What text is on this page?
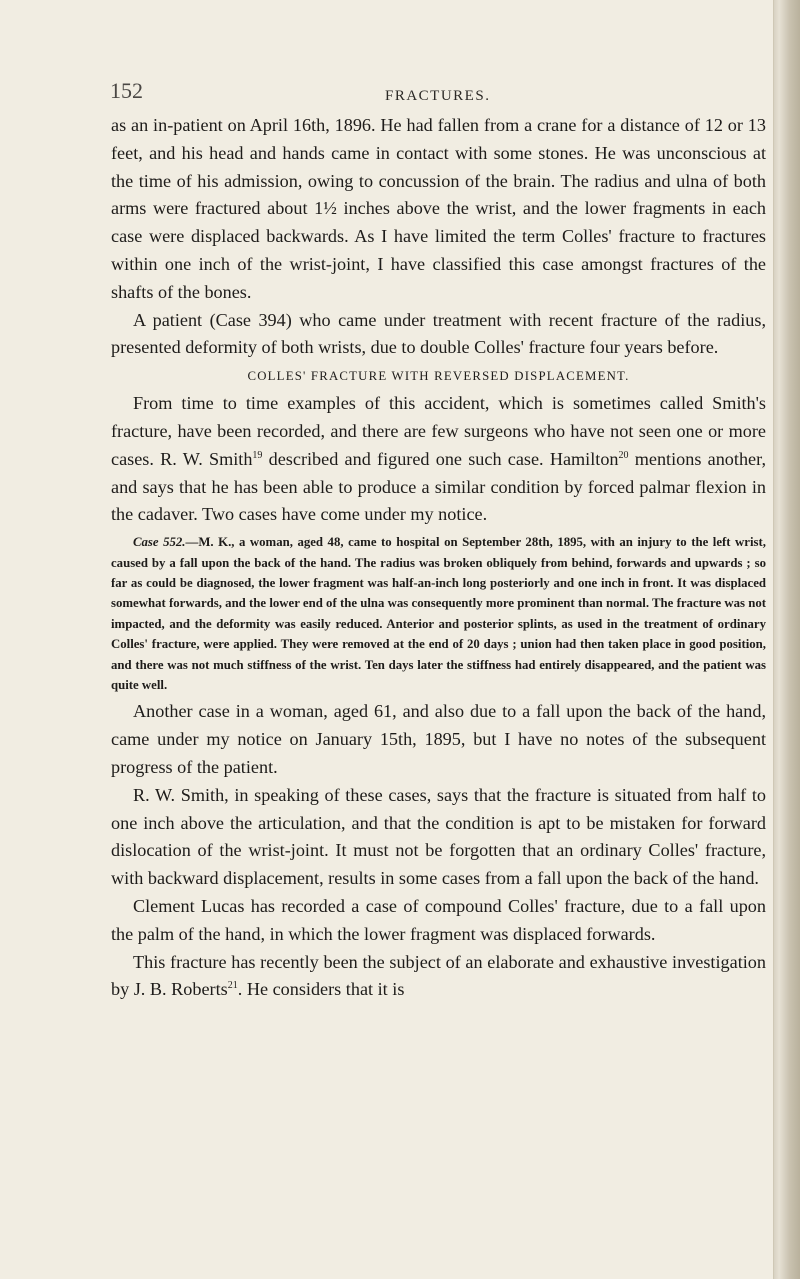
152	FRACTURES.

as an in-patient on April 16th, 1896. He had fallen from a crane for a distance of 12 or 13 feet, and his head and hands came in contact with some stones. He was unconscious at the time of his admission, owing to concussion of the brain. The radius and ulna of both arms were fractured about 1½ inches above the wrist, and the lower fragments in each case were displaced backwards. As I have limited the term Colles' fracture to fractures within one inch of the wrist-joint, I have classified this case amongst fractures of the shafts of the bones.

A patient (Case 394) who came under treatment with recent fracture of the radius, presented deformity of both wrists, due to double Colles' fracture four years before.

COLLES' FRACTURE WITH REVERSED DISPLACEMENT.

From time to time examples of this accident, which is sometimes called Smith's fracture, have been recorded, and there are few surgeons who have not seen one or more cases. R. W. Smith$^{19}$ described and figured one such case. Hamilton$^{20}$ mentions another, and says that he has been able to produce a similar condition by forced palmar flexion in the cadaver. Two cases have come under my notice.

Case 552.—M. K., a woman, aged 48, came to hospital on September 28th, 1895, with an injury to the left wrist, caused by a fall upon the back of the hand. The radius was broken obliquely from behind, forwards and upwards ; so far as could be diagnosed, the lower fragment was half-an-inch long posteriorly and one inch in front. It was displaced somewhat forwards, and the lower end of the ulna was consequently more prominent than normal. The fracture was not impacted, and the deformity was easily reduced. Anterior and posterior splints, as used in the treatment of ordinary Colles' fracture, were applied. They were removed at the end of 20 days ; union had then taken place in good position, and there was not much stiffness of the wrist. Ten days later the stiffness had entirely disappeared, and the patient was quite well.

Another case in a woman, aged 61, and also due to a fall upon the back of the hand, came under my notice on January 15th, 1895, but I have no notes of the subsequent progress of the patient.

R. W. Smith, in speaking of these cases, says that the fracture is situated from half to one inch above the articulation, and that the condition is apt to be mistaken for forward dislocation of the wrist-joint. It must not be forgotten that an ordinary Colles' fracture, with backward displacement, results in some cases from a fall upon the back of the hand.

Clement Lucas has recorded a case of compound Colles' fracture, due to a fall upon the palm of the hand, in which the lower fragment was displaced forwards.

This fracture has recently been the subject of an elaborate and exhaustive investigation by J. B. Roberts$^{21}$. He considers that it is
